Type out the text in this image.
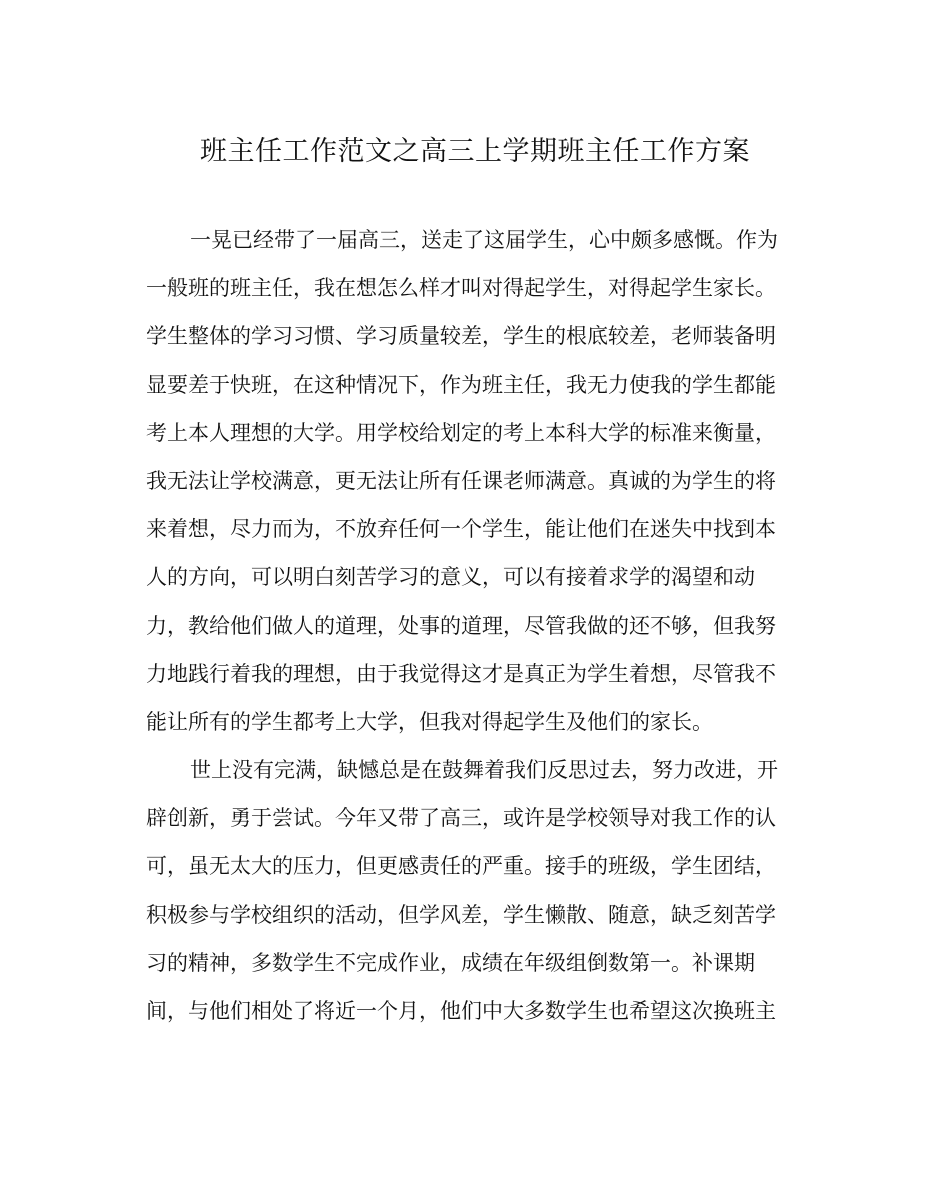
班主任工作范文之高三上学期班主任工作方案
一晃已经带了一届高三，送走了这届学生，心中颇多感慨。作为
一般班的班主任，我在想怎么样才叫对得起学生，对得起学生家长。
学生整体的学习习惯、学习质量较差，学生的根底较差，老师装备明
显要差于快班，在这种情况下，作为班主任，我无力使我的学生都能
考上本人理想的大学。用学校给划定的考上本科大学的标准来衡量，
我无法让学校满意，更无法让所有任课老师满意。真诚的为学生的将
来着想，尽力而为，不放弃任何一个学生，能让他们在迷失中找到本
人的方向，可以明白刻苦学习的意义，可以有接着求学的渴望和动
力，教给他们做人的道理，处事的道理，尽管我做的还不够，但我努
力地践行着我的理想，由于我觉得这才是真正为学生着想，尽管我不
能让所有的学生都考上大学，但我对得起学生及他们的家长。
世上没有完满，缺憾总是在鼓舞着我们反思过去，努力改进，开
辟创新，勇于尝试。今年又带了高三，或许是学校领导对我工作的认
可，虽无太大的压力，但更感责任的严重。接手的班级，学生团结，
积极参与学校组织的活动，但学风差，学生懒散、随意，缺乏刻苦学
习的精神，多数学生不完成作业，成绩在年级组倒数第一。补课期
间，与他们相处了将近一个月，他们中大多数学生也希望这次换班主
